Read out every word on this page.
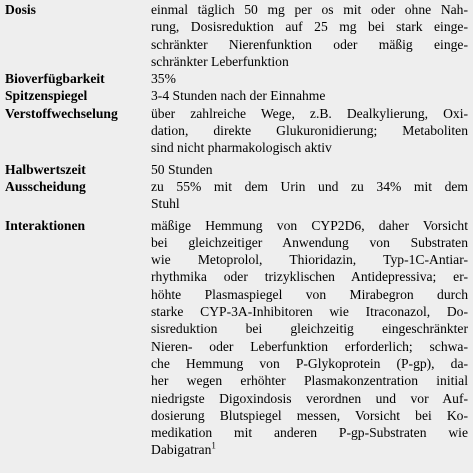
Dosis	einmal täglich 50 mg per os mit oder ohne Nah-
rung, Dosisreduktion auf 25 mg bei stark einge-
schränkter Nierenfunktion oder mäßig einge-
schränkter Leberfunktion
Bioverfügbarkeit	35%
Spitzenspiegel	3-4 Stunden nach der Einnahme
Verstoffwechselung	über zahlreiche Wege, z.B. Dealkylierung, Oxi-
dation, direkte Glukuronidierung; Metaboliten
sind nicht pharmakologisch aktiv
Halbwertszeit	50 Stunden
Ausscheidung	zu 55% mit dem Urin und zu 34% mit dem
Stuhl
Interaktionen	mäßige Hemmung von CYP2D6, daher Vorsicht
bei gleichzeitiger Anwendung von Substraten
wie Metoprolol, Thioridazin, Typ-1C-Antiar-
rhythmika oder trizyklischen Antidepressiva; er-
höhte Plasmaspiegel von Mirabegron durch
starke CYP-3A-Inhibitoren wie Itraconazol, Do-
sisreduktion bei gleichzeitig eingeschränkter
Nieren- oder Leberfunktion erforderlich; schwa-
che Hemmung von P-Glykoprotein (P-gp), da-
her wegen erhöhter Plasmakonzentration initial
niedrigste Digoxindosis verordnen und vor Auf-
dosierung Blutspiegel messen, Vorsicht bei Ko-
medikation mit anderen P-gp-Substraten wie
Dabigatran$^1$
